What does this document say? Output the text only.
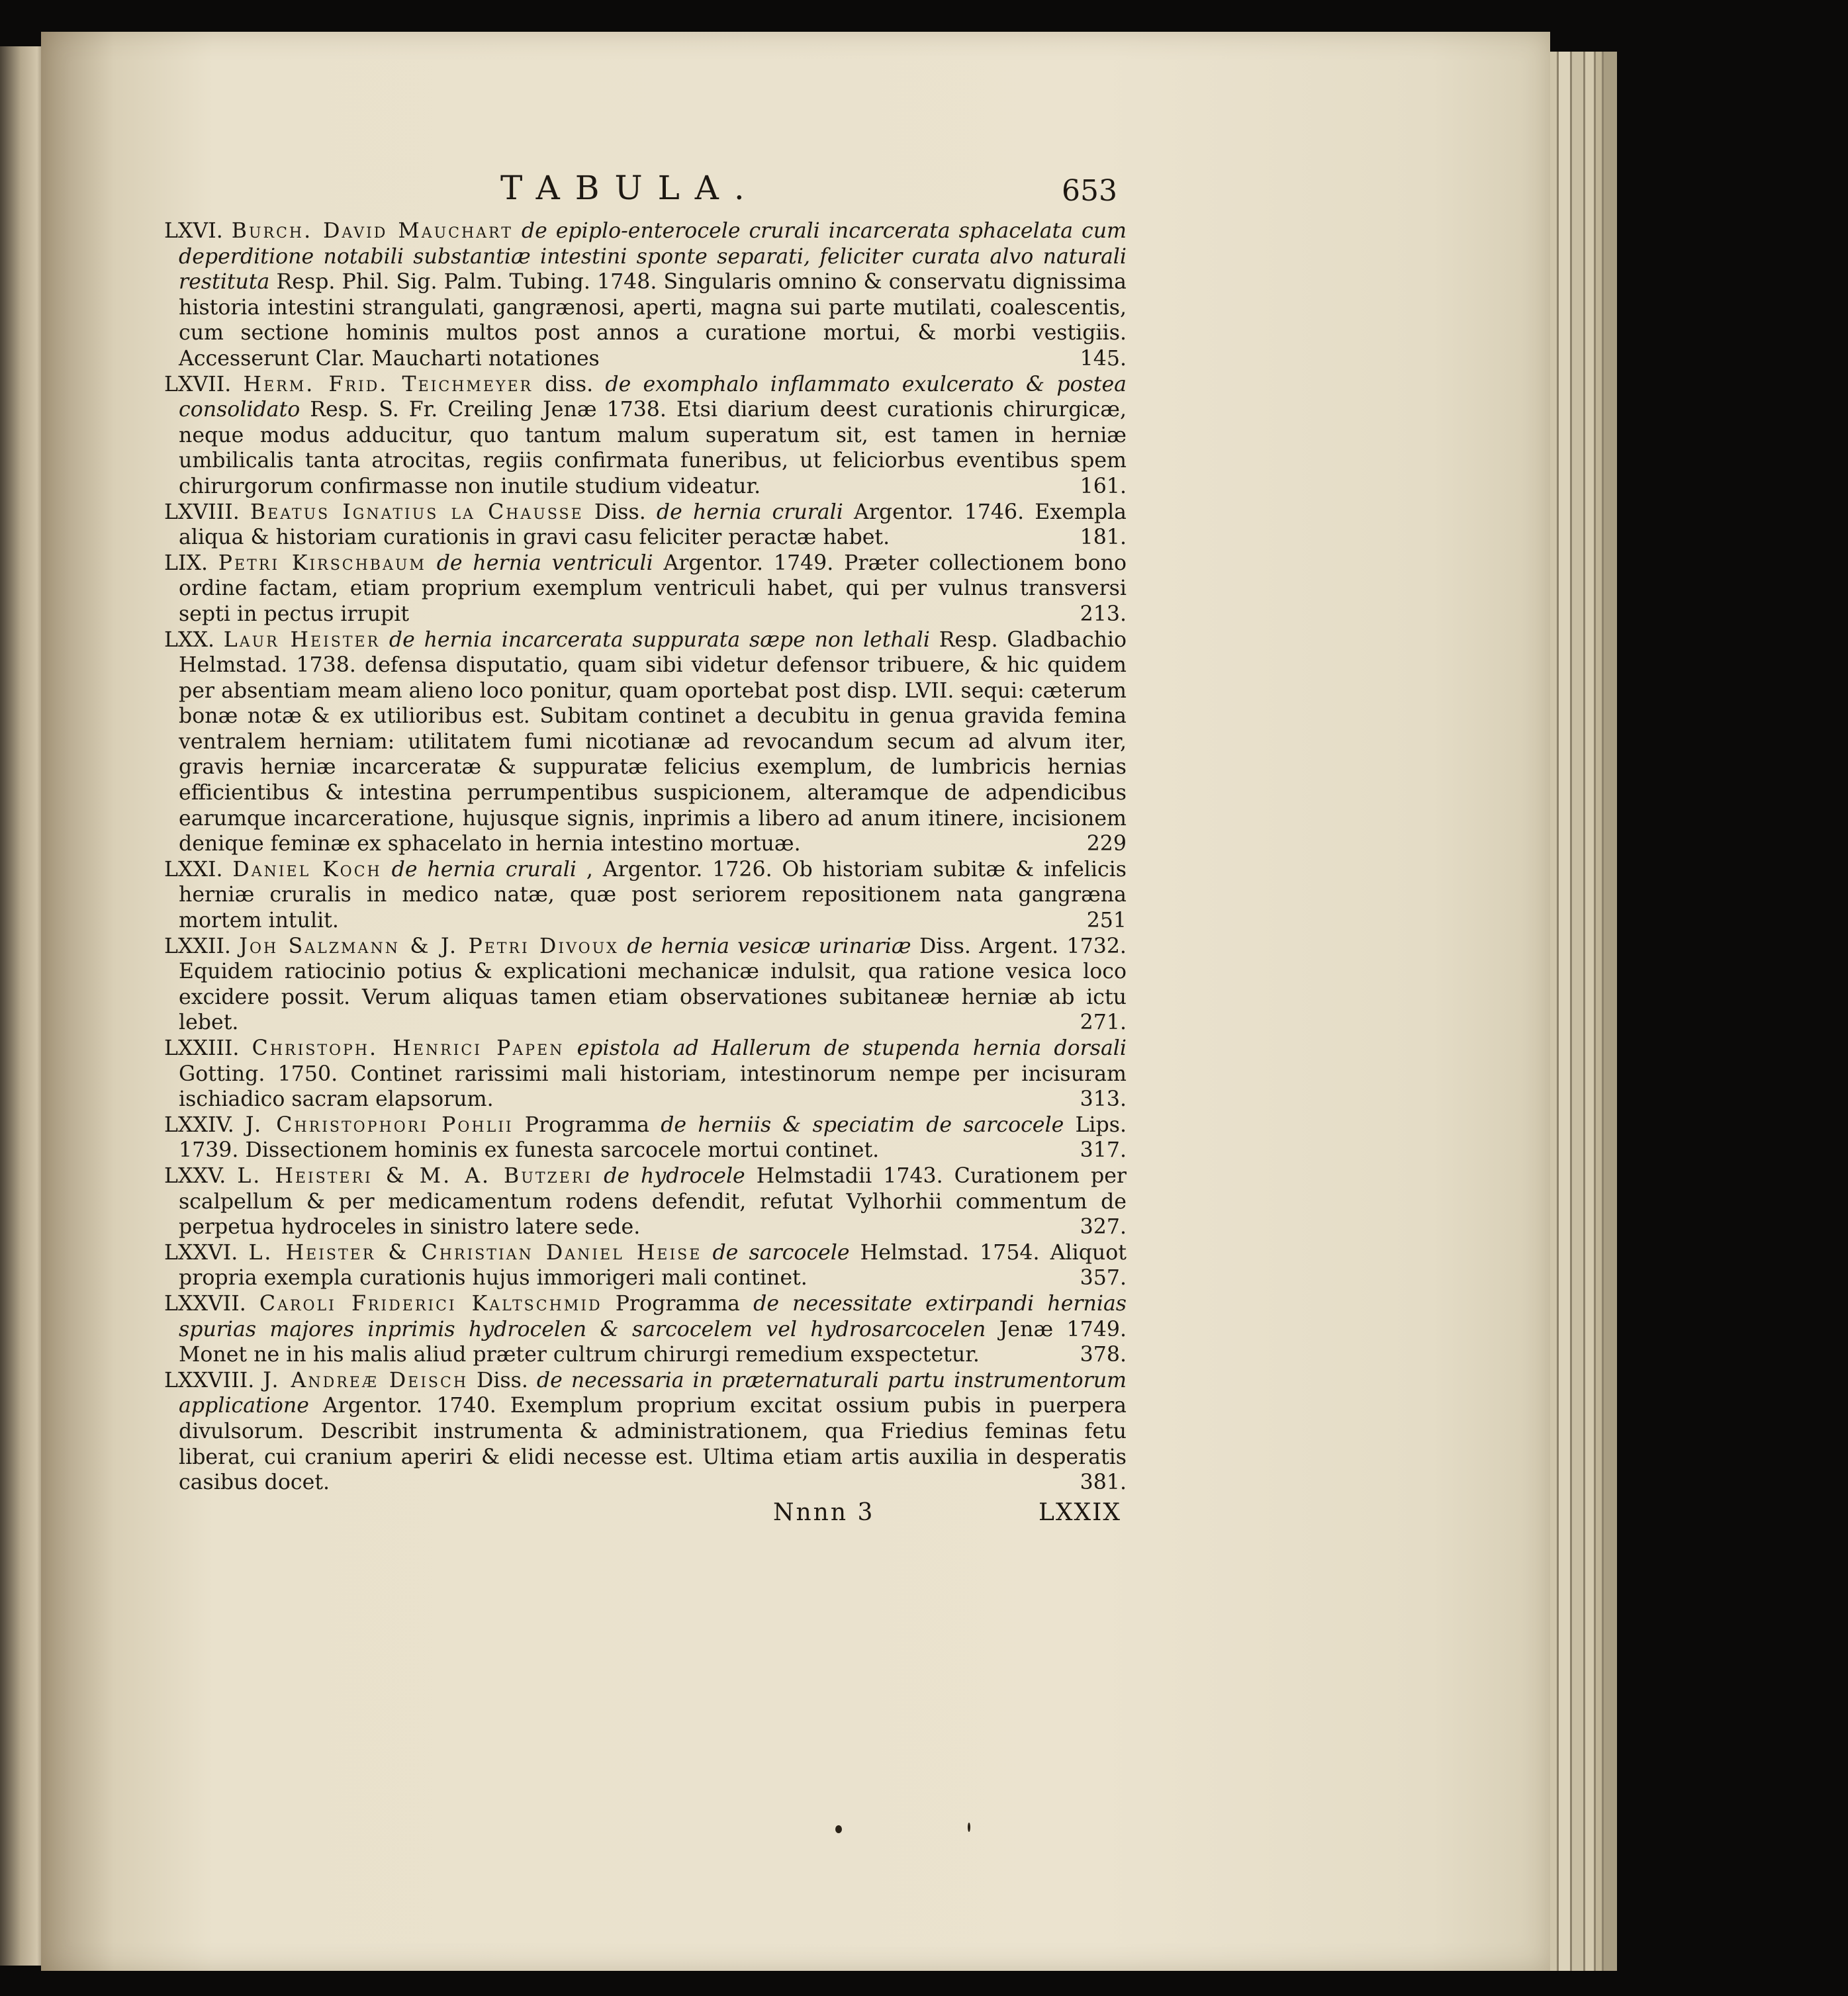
TABULA.	653

LXVI. Burch. David Mauchart de epiplo-enterocele crurali incarcerata sphacelata cum deperditione notabili substantiæ intestini sponte separati, feliciter curata alvo naturali restituta Resp. Phil. Sig. Palm. Tubing. 1748. Singularis omnino & conservatu dignissima historia intestini strangulati, gangrænosi, aperti, magna sui parte mutilati, coalescentis, cum sectione hominis multos post annos a curatione mortui, & morbi vestigiis. Accesserunt Clar. Maucharti notationes	145.

LXVII. Herm. Frid. Teichmeyer diss. de exomphalo inflammato exulcerato & postea consolidato Resp. S. Fr. Creiling Jenæ 1738. Etsi diarium deest curationis chirurgicæ, neque modus adducitur, quo tantum malum superatum sit, est tamen in herniæ umbilicalis tanta atrocitas, regiis confirmata funeribus, ut feliciorbus eventibus spem chirurgorum confirmasse non inutile studium videatur.	161.

LXVIII. Beatus Ignatius la Chausse Diss. de hernia crurali Argentor. 1746. Exempla aliqua & historiam curationis in gravi casu feliciter peractæ habet.	181.

LIX. Petri Kirschbaum de hernia ventriculi Argentor. 1749. Præter collectionem bono ordine factam, etiam proprium exemplum ventriculi habet, qui per vulnus transversi septi in pectus irrupit	213.

LXX. Laur Heister de hernia incarcerata suppurata sæpe non lethali Resp. Gladbachio Helmstad. 1738. defensa disputatio, quam sibi videtur defensor tribuere, & hic quidem per absentiam meam alieno loco ponitur, quam oportebat post disp. LVII. sequi: cæterum bonæ notæ & ex utilioribus est. Subitam continet a decubitu in genua gravida femina ventralem herniam: utilitatem fumi nicotianæ ad revocandum secum ad alvum iter, gravis herniæ incarceratæ & suppuratæ felicius exemplum, de lumbricis hernias efficientibus & intestina perrumpentibus suspicionem, alteramque de adpendicibus earumque incarceratione, hujusque signis, inprimis a libero ad anum itinere, incisionem denique feminæ ex sphacelato in hernia intestino mortuæ.	229

LXXI. Daniel Koch de hernia crurali , Argentor. 1726. Ob historiam subitæ & infelicis herniæ cruralis in medico natæ, quæ post seriorem repositionem nata gangræna mortem intulit.	251

LXXII. Joh Salzmann & J. Petri Divoux de hernia vesicæ urinariæ Diss. Argent. 1732. Equidem ratiocinio potius & explicationi mechanicæ indulsit, qua ratione vesica loco excidere possit. Verum aliquas tamen etiam observationes subitaneæ herniæ ab ictu lebet.	271.

LXXIII. Christoph. Henrici Papen epistola ad Hallerum de stupenda hernia dorsali Gotting. 1750. Continet rarissimi mali historiam, intestinorum nempe per incisuram ischiadico sacram elapsorum.	313.

LXXIV. J. Christophori Pohlii Programma de herniis & speciatim de sarcocele Lips. 1739. Dissectionem hominis ex funesta sarcocele mortui continet.	317.

LXXV. L. Heisteri & M. A. Butzeri de hydrocele Helmstadii 1743. Curationem per scalpellum & per medicamentum rodens defendit, refutat Vylhorhii commentum de perpetua hydroceles in sinistro latere sede.	327.

LXXVI. L. Heister & Christian Daniel Heise de sarcocele Helmstad. 1754. Aliquot propria exempla curationis hujus immorigeri mali continet.	357.

LXXVII. Caroli Friderici Kaltschmid Programma de necessitate extirpandi hernias spurias majores inprimis hydrocelen & sarcocelem vel hydrosarcocelen Jenæ 1749. Monet ne in his malis aliud præter cultrum chirurgi remedium exspectetur.	378.

LXXVIII. J. Andreæ Deisch Diss. de necessaria in præternaturali partu instrumentorum applicatione Argentor. 1740. Exemplum proprium excitat ossium pubis in puerpera divulsorum. Describit instrumenta & administrationem, qua Friedius feminas fetu liberat, cui cranium aperiri & elidi necesse est. Ultima etiam artis auxilia in desperatis casibus docet.	381.

Nnnn 3	LXXIX
